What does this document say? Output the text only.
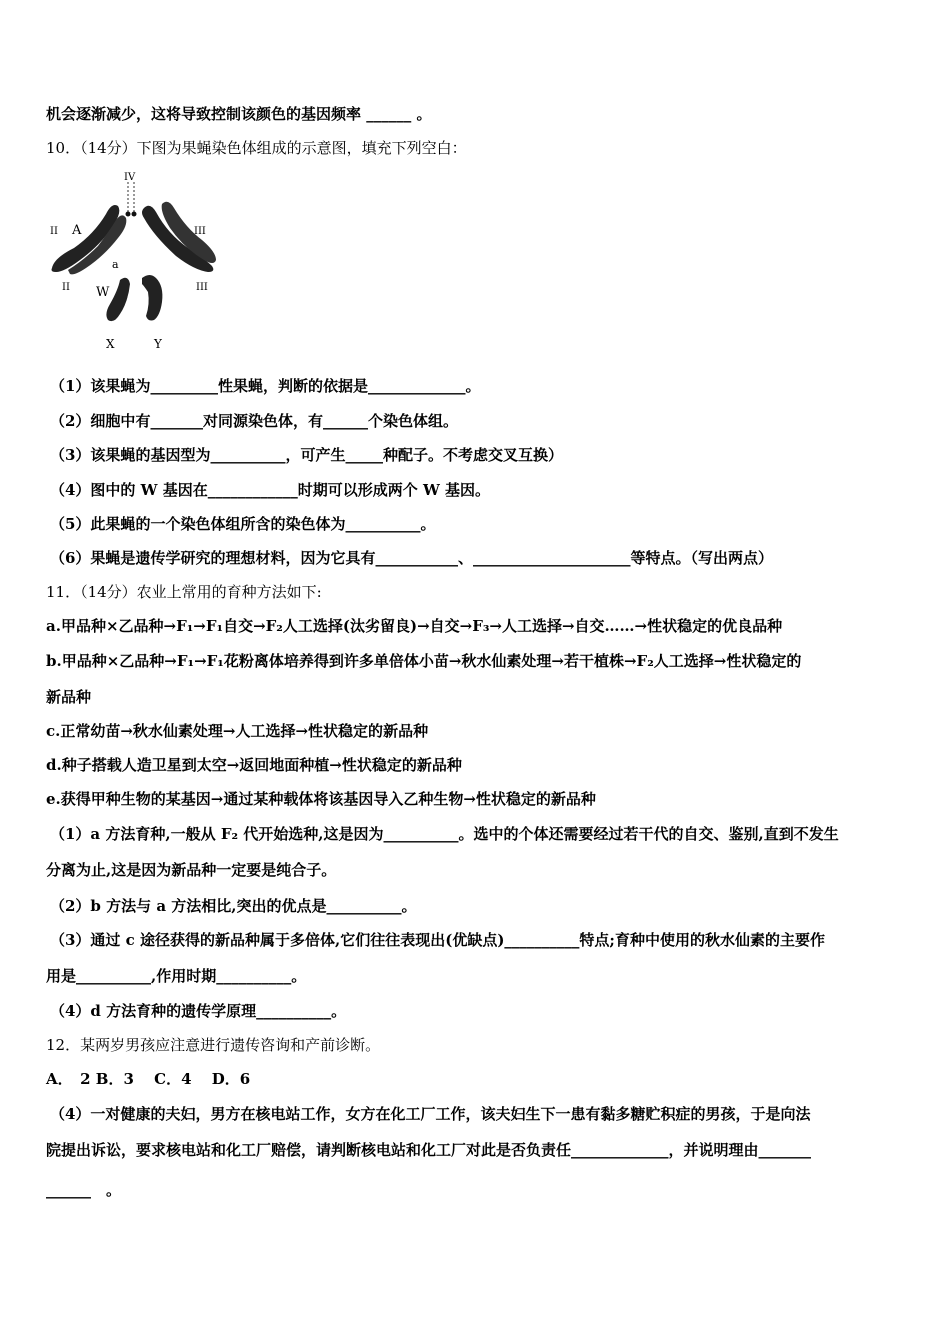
机会逐渐减少，这将导致控制该颜色的基因频率 ______ 。
10．（14分）下图为果蝇染色体组成的示意图，填充下列空白：
IV
II	III
II	III
A
a
W
X	Y
（1）该果蝇为_________性果蝇，判断的依据是_____________。
（2）细胞中有_______对同源染色体，有______个染色体组。
（3）该果蝇的基因型为__________，可产生_____种配子。不考虑交叉互换）
（4）图中的 W 基因在____________时期可以形成两个 W 基因。
（5）此果蝇的一个染色体组所含的染色体为__________。
（6）果蝇是遗传学研究的理想材料，因为它具有___________、_____________________等特点。（写出两点）
11．（14分）农业上常用的育种方法如下:
a.甲品种×乙品种→F₁→F₁自交→F₂人工选择(汰劣留良)→自交→F₃→人工选择→自交……→性状稳定的优良品种
b.甲品种×乙品种→F₁→F₁花粉离体培养得到许多单倍体小苗→秋水仙素处理→若干植株→F₂人工选择→性状稳定的
新品种
c.正常幼苗→秋水仙素处理→人工选择→性状稳定的新品种
d.种子搭载人造卫星到太空→返回地面种植→性状稳定的新品种
e.获得甲种生物的某基因→通过某种载体将该基因导入乙种生物→性状稳定的新品种
（1）a 方法育种,一般从 F₂ 代开始选种,这是因为__________。选中的个体还需要经过若干代的自交、鉴别,直到不发生
分离为止,这是因为新品种一定要是纯合子。
（2）b 方法与 a 方法相比,突出的优点是__________。
（3）通过 c 途径获得的新品种属于多倍体,它们往往表现出(优缺点)__________特点;育种中使用的秋水仙素的主要作
用是__________,作用时期__________。
（4）d 方法育种的遗传学原理__________。
12．某两岁男孩应注意进行遗传咨询和产前诊断。
A．　2 B．3　 C．4　 D．6
（4）一对健康的夫妇，男方在核电站工作，女方在化工厂工作，该夫妇生下一患有黏多糖贮积症的男孩，于是向法
院提出诉讼，要求核电站和化工厂赔偿，请判断核电站和化工厂对此是否负责任_____________，并说明理由_______
______　。
